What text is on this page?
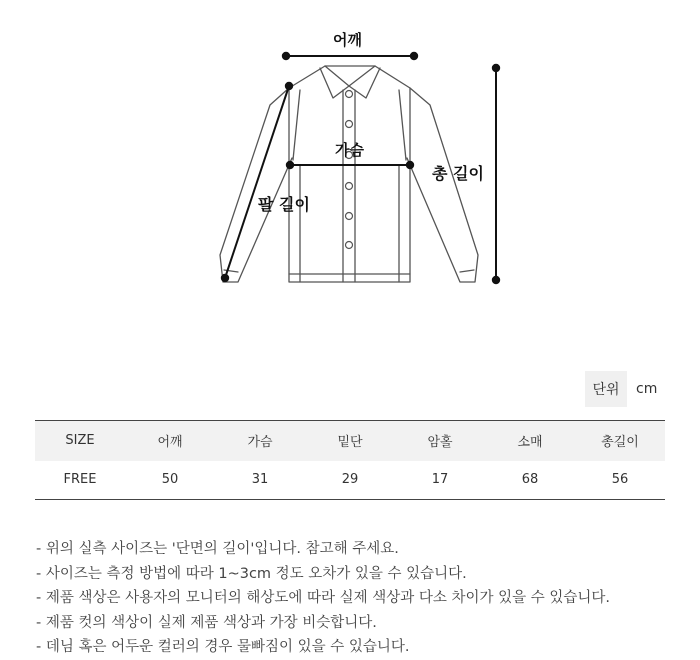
어깨
가슴
총 길이
팔 길이
단위	cm
SIZE	어깨	가슴	밑단	암홀	소매	총길이
FREE	50	31	29	17	68	56
- 위의 실측 사이즈는 '단면의 길이'입니다. 참고해 주세요.
- 사이즈는 측정 방법에 따라 1~3cm 정도 오차가 있을 수 있습니다.
- 제품 색상은 사용자의 모니터의 해상도에 따라 실제 색상과 다소 차이가 있을 수 있습니다.
- 제품 컷의 색상이 실제 제품 색상과 가장 비슷합니다.
- 데님 혹은 어두운 컬러의 경우 물빠짐이 있을 수 있습니다.
